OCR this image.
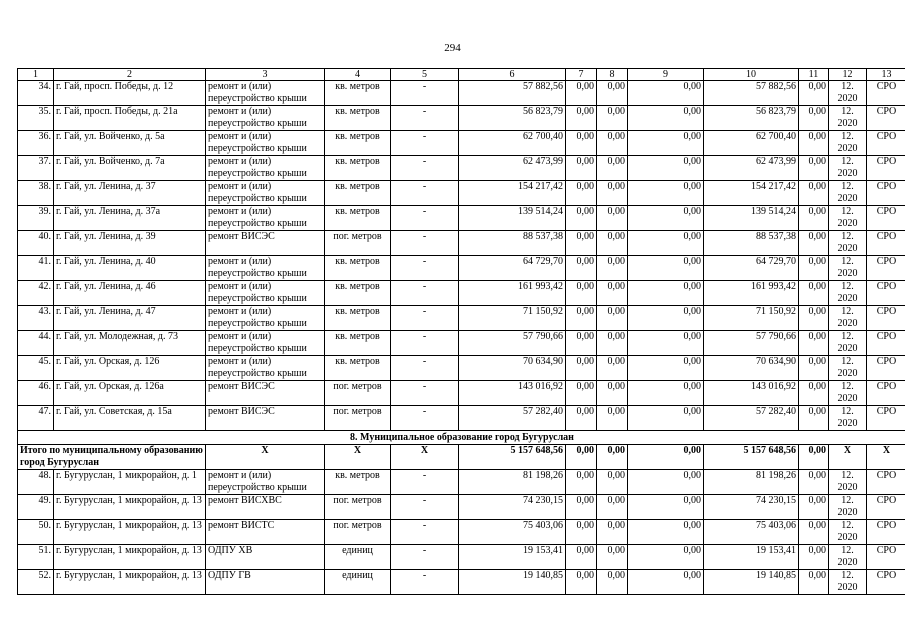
294
1	2	3	4	5	6	7	8	9	10	11	12	13
34.	г. Гай, просп. Победы, д. 12	ремонт и (или) переустройство крыши	кв. метров	-	57 882,56	0,00	0,00	0,00	57 882,56	0,00	12. 2020	СРО
35.	г. Гай, просп. Победы, д. 21а	ремонт и (или) переустройство крыши	кв. метров	-	56 823,79	0,00	0,00	0,00	56 823,79	0,00	12. 2020	СРО
36.	г. Гай, ул. Войченко, д. 5а	ремонт и (или) переустройство крыши	кв. метров	-	62 700,40	0,00	0,00	0,00	62 700,40	0,00	12. 2020	СРО
37.	г. Гай, ул. Войченко, д. 7а	ремонт и (или) переустройство крыши	кв. метров	-	62 473,99	0,00	0,00	0,00	62 473,99	0,00	12. 2020	СРО
38.	г. Гай, ул. Ленина, д. 37	ремонт и (или) переустройство крыши	кв. метров	-	154 217,42	0,00	0,00	0,00	154 217,42	0,00	12. 2020	СРО
39.	г. Гай, ул. Ленина, д. 37а	ремонт и (или) переустройство крыши	кв. метров	-	139 514,24	0,00	0,00	0,00	139 514,24	0,00	12. 2020	СРО
40.	г. Гай, ул. Ленина, д. 39	ремонт ВИСЭС	пог. метров	-	88 537,38	0,00	0,00	0,00	88 537,38	0,00	12. 2020	СРО
41.	г. Гай, ул. Ленина, д. 40	ремонт и (или) переустройство крыши	кв. метров	-	64 729,70	0,00	0,00	0,00	64 729,70	0,00	12. 2020	СРО
42.	г. Гай, ул. Ленина, д. 46	ремонт и (или) переустройство крыши	кв. метров	-	161 993,42	0,00	0,00	0,00	161 993,42	0,00	12. 2020	СРО
43.	г. Гай, ул. Ленина, д. 47	ремонт и (или) переустройство крыши	кв. метров	-	71 150,92	0,00	0,00	0,00	71 150,92	0,00	12. 2020	СРО
44.	г. Гай, ул. Молодежная, д. 73	ремонт и (или) переустройство крыши	кв. метров	-	57 790,66	0,00	0,00	0,00	57 790,66	0,00	12. 2020	СРО
45.	г. Гай, ул. Орская, д. 126	ремонт и (или) переустройство крыши	кв. метров	-	70 634,90	0,00	0,00	0,00	70 634,90	0,00	12. 2020	СРО
46.	г. Гай, ул. Орская, д. 126а	ремонт ВИСЭС	пог. метров	-	143 016,92	0,00	0,00	0,00	143 016,92	0,00	12. 2020	СРО
47.	г. Гай, ул. Советская, д. 15а	ремонт ВИСЭС	пог. метров	-	57 282,40	0,00	0,00	0,00	57 282,40	0,00	12. 2020	СРО
8. Муниципальное образование город Бугуруслан												
Итого по муниципальному образованию город Бугуруслан		Х	Х	Х	5 157 648,56	0,00	0,00	0,00	5 157 648,56	0,00	Х	Х
48.	г. Бугуруслан, 1 микрорайон, д. 1	ремонт и (или) переустройство крыши	кв. метров	-	81 198,26	0,00	0,00	0,00	81 198,26	0,00	12. 2020	СРО
49.	г. Бугуруслан, 1 микрорайон, д. 13	ремонт ВИСХВС	пог. метров	-	74 230,15	0,00	0,00	0,00	74 230,15	0,00	12. 2020	СРО
50.	г. Бугуруслан, 1 микрорайон, д. 13	ремонт ВИСТС	пог. метров	-	75 403,06	0,00	0,00	0,00	75 403,06	0,00	12. 2020	СРО
51.	г. Бугуруслан, 1 микрорайон, д. 13	ОДПУ ХВ	единиц	-	19 153,41	0,00	0,00	0,00	19 153,41	0,00	12. 2020	СРО
52.	г. Бугуруслан, 1 микрорайон, д. 13	ОДПУ ГВ	единиц	-	19 140,85	0,00	0,00	0,00	19 140,85	0,00	12. 2020	СРО
